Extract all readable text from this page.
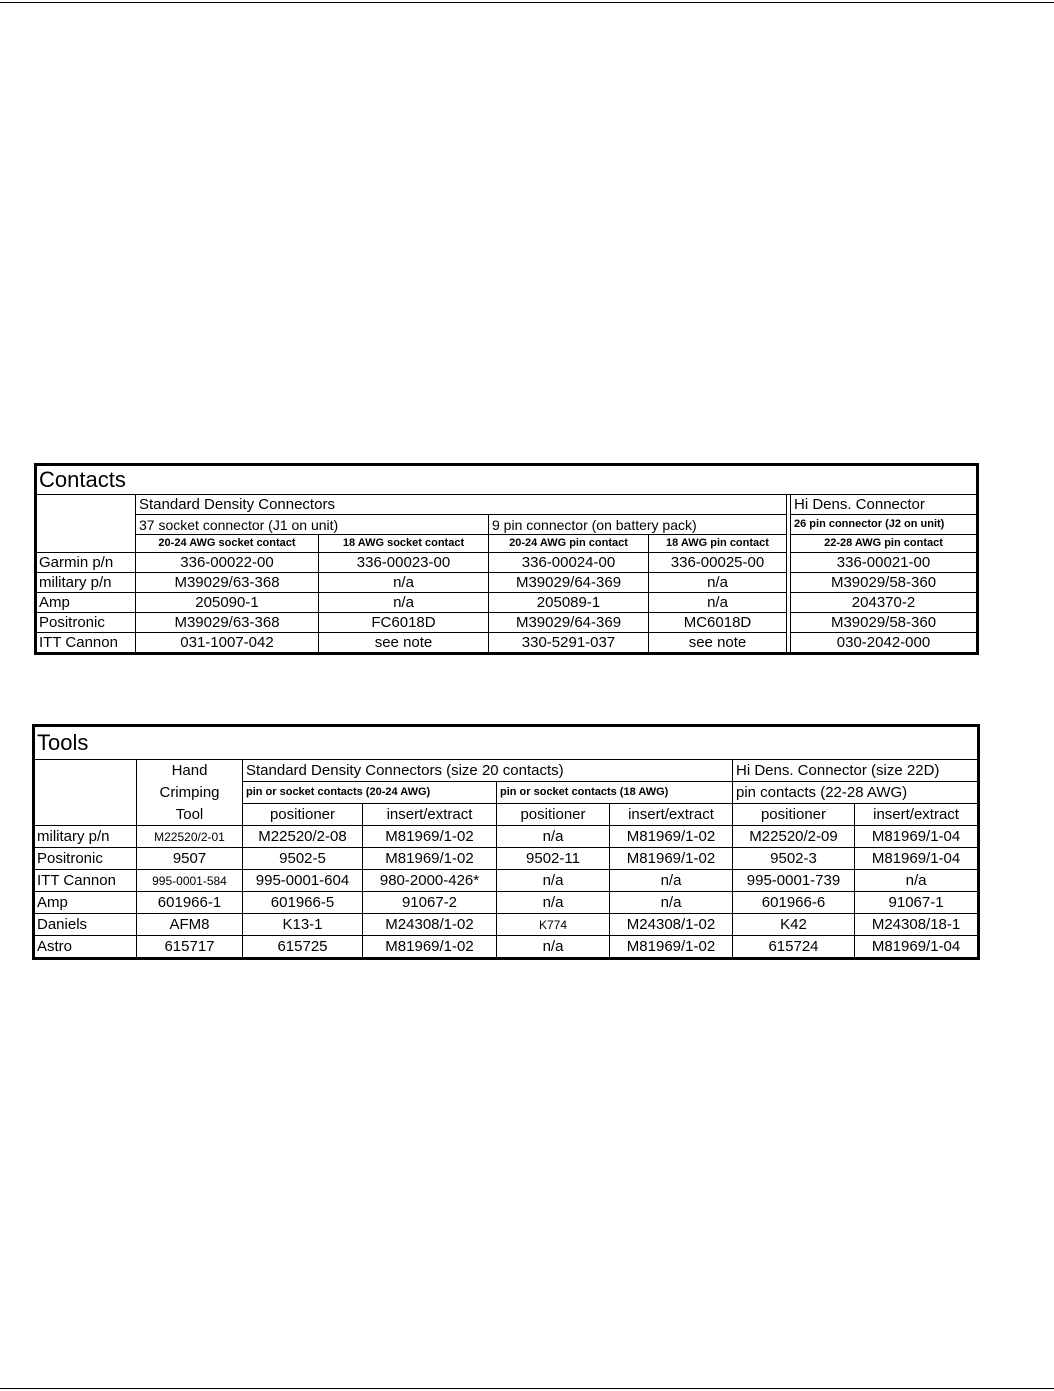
Contacts						
	Standard Density Connectors					Hi Dens. Connector
	37 socket connector (J1 on unit)		9 pin connector (on battery pack)			26 pin connector (J2 on unit)
	20-24 AWG socket contact	18 AWG socket contact	20-24 AWG pin contact	18 AWG pin contact		22-28 AWG pin contact
Garmin p/n	336-00022-00	336-00023-00	336-00024-00	336-00025-00		336-00021-00
military p/n	M39029/63-368	n/a	M39029/64-369	n/a		M39029/58-360
Amp	205090-1	n/a	205089-1	n/a		204370-2
Positronic	M39029/63-368	FC6018D	M39029/64-369	MC6018D		M39029/58-360
ITT Cannon	031-1007-042	see note	330-5291-037	see note		030-2042-000
Tools							
	Hand	Standard Density Connectors (size 20 contacts)				Hi Dens. Connector (size 22D)	
	Crimping	pin or socket contacts (20-24 AWG)		pin or socket contacts (18 AWG)		pin contacts (22-28 AWG)	
	Tool	positioner	insert/extract	positioner	insert/extract	positioner	insert/extract
military p/n	M22520/2-01	M22520/2-08	M81969/1-02	n/a	M81969/1-02	M22520/2-09	M81969/1-04
Positronic	9507	9502-5	M81969/1-02	9502-11	M81969/1-02	9502-3	M81969/1-04
ITT Cannon	995-0001-584	995-0001-604	980-2000-426*	n/a	n/a	995-0001-739	n/a
Amp	601966-1	601966-5	91067-2	n/a	n/a	601966-6	91067-1
Daniels	AFM8	K13-1	M24308/1-02	K774	M24308/1-02	K42	M24308/18-1
Astro	615717	615725	M81969/1-02	n/a	M81969/1-02	615724	M81969/1-04
